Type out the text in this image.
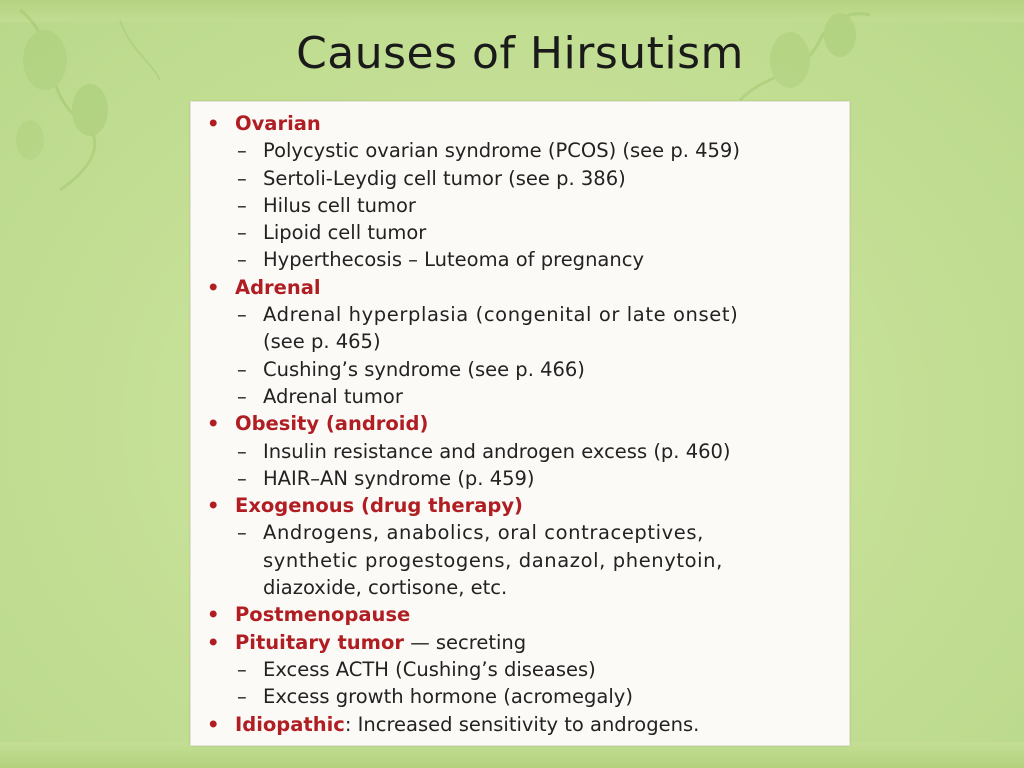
Causes of Hirsutism
• Ovarian
– Polycystic ovarian syndrome (PCOS) (see p. 459)
– Sertoli-Leydig cell tumor (see p. 386)
– Hilus cell tumor
– Lipoid cell tumor
– Hyperthecosis – Luteoma of pregnancy
• Adrenal
– Adrenal hyperplasia (congenital or late onset)
(see p. 465)
– Cushing’s syndrome (see p. 466)
– Adrenal tumor
• Obesity (android)
– Insulin resistance and androgen excess (p. 460)
– HAIR–AN syndrome (p. 459)
• Exogenous (drug therapy)
– Androgens, anabolics, oral contraceptives,
synthetic progestogens, danazol, phenytoin,
diazoxide, cortisone, etc.
• Postmenopause
• Pituitary tumor — secreting
– Excess ACTH (Cushing’s diseases)
– Excess growth hormone (acromegaly)
• Idiopathic: Increased sensitivity to androgens.
